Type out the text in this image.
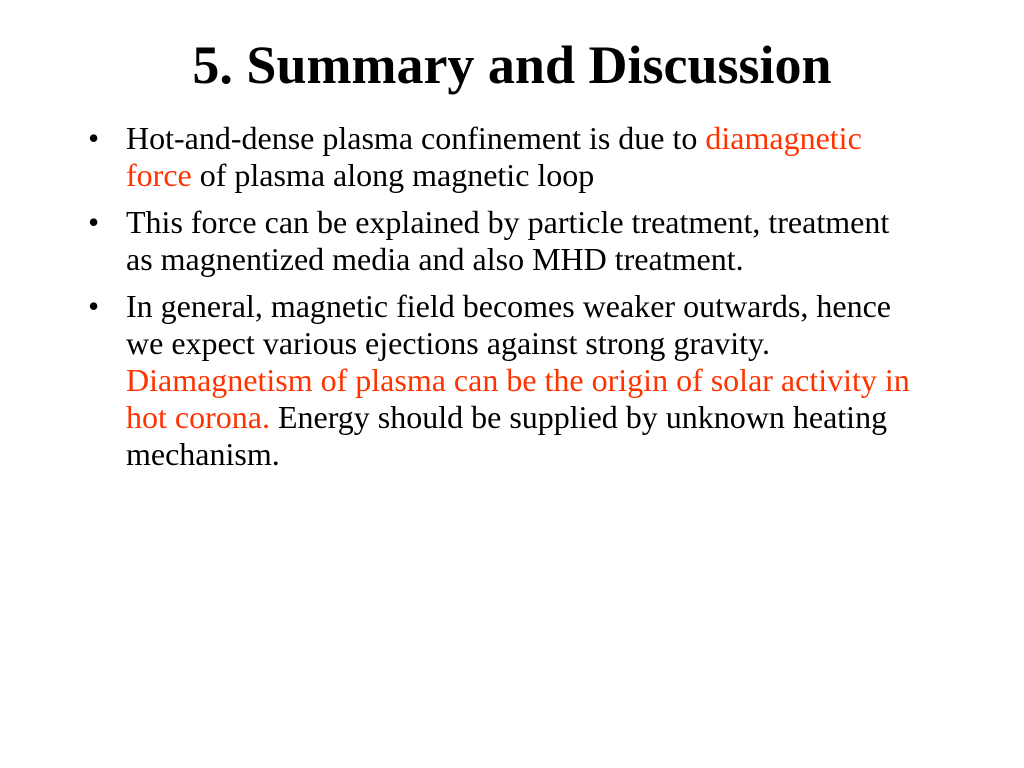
5. Summary and Discussion
• Hot-and-dense plasma confinement is due to diamagnetic force of plasma along magnetic loop
• This force can be explained by particle treatment, treatment as magnentized media and also MHD treatment.
• In general, magnetic field becomes weaker outwards, hence we expect various ejections against strong gravity. Diamagnetism of plasma can be the origin of solar activity in hot corona. Energy should be supplied by unknown heating mechanism.
